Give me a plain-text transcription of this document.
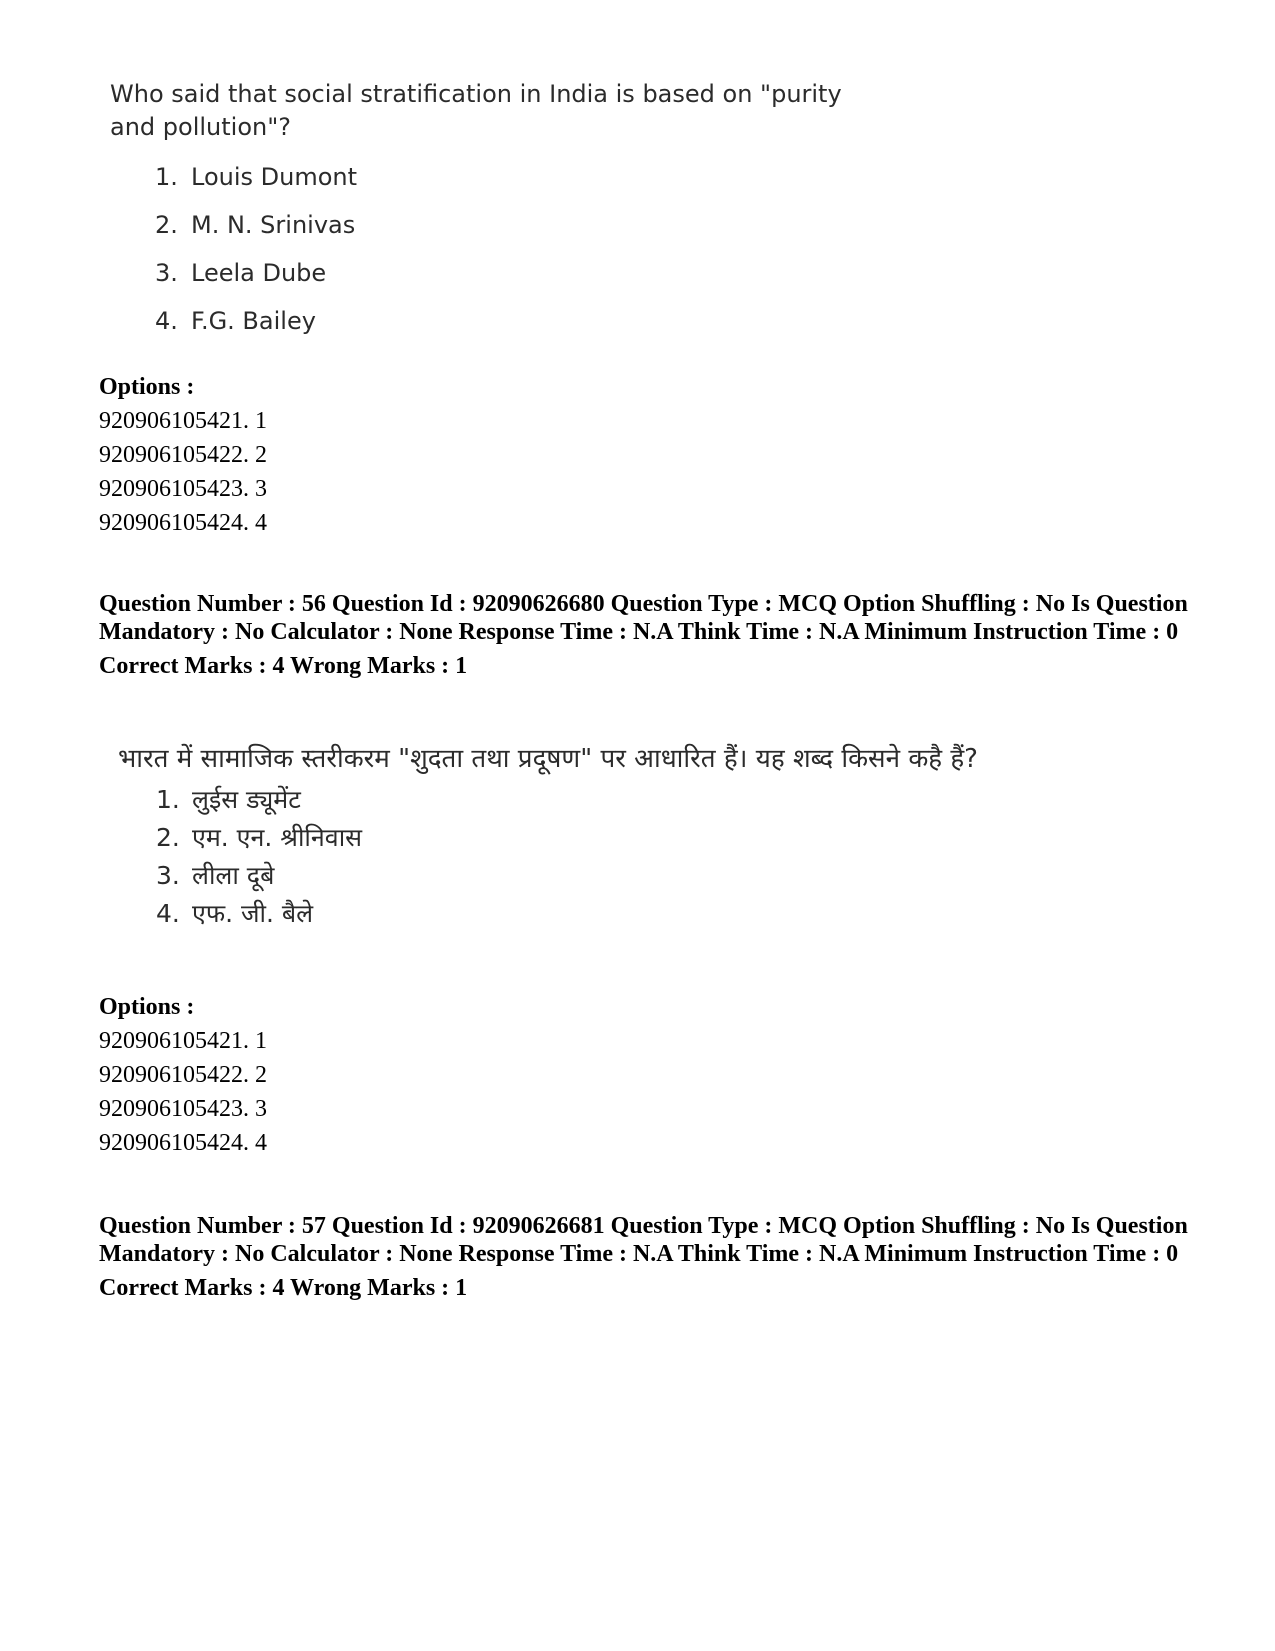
Who said that social stratification in India is based on "purity and pollution"?

1. Louis Dumont
2. M. N. Srinivas
3. Leela Dube
4. F.G. Bailey
Options :
920906105421. 1
920906105422. 2
920906105423. 3
920906105424. 4
Question Number : 56 Question Id : 92090626680 Question Type : MCQ Option Shuffling : No Is Question Mandatory : No Calculator : None Response Time : N.A Think Time : N.A Minimum Instruction Time : 0
Correct Marks : 4 Wrong Marks : 1

भारत में सामाजिक स्तरीकरम "शुदता तथा प्रदूषण" पर आधारित हैं। यह शब्द किसने कहै हैं?

1. लुईस ड्यूमेंट
2. एम. एन. श्रीनिवास
3. लीला दूबे
4. एफ. जी. बैले
Options :
920906105421. 1
920906105422. 2
920906105423. 3
920906105424. 4
Question Number : 57 Question Id : 92090626681 Question Type : MCQ Option Shuffling : No Is Question Mandatory : No Calculator : None Response Time : N.A Think Time : N.A Minimum Instruction Time : 0
Correct Marks : 4 Wrong Marks : 1
